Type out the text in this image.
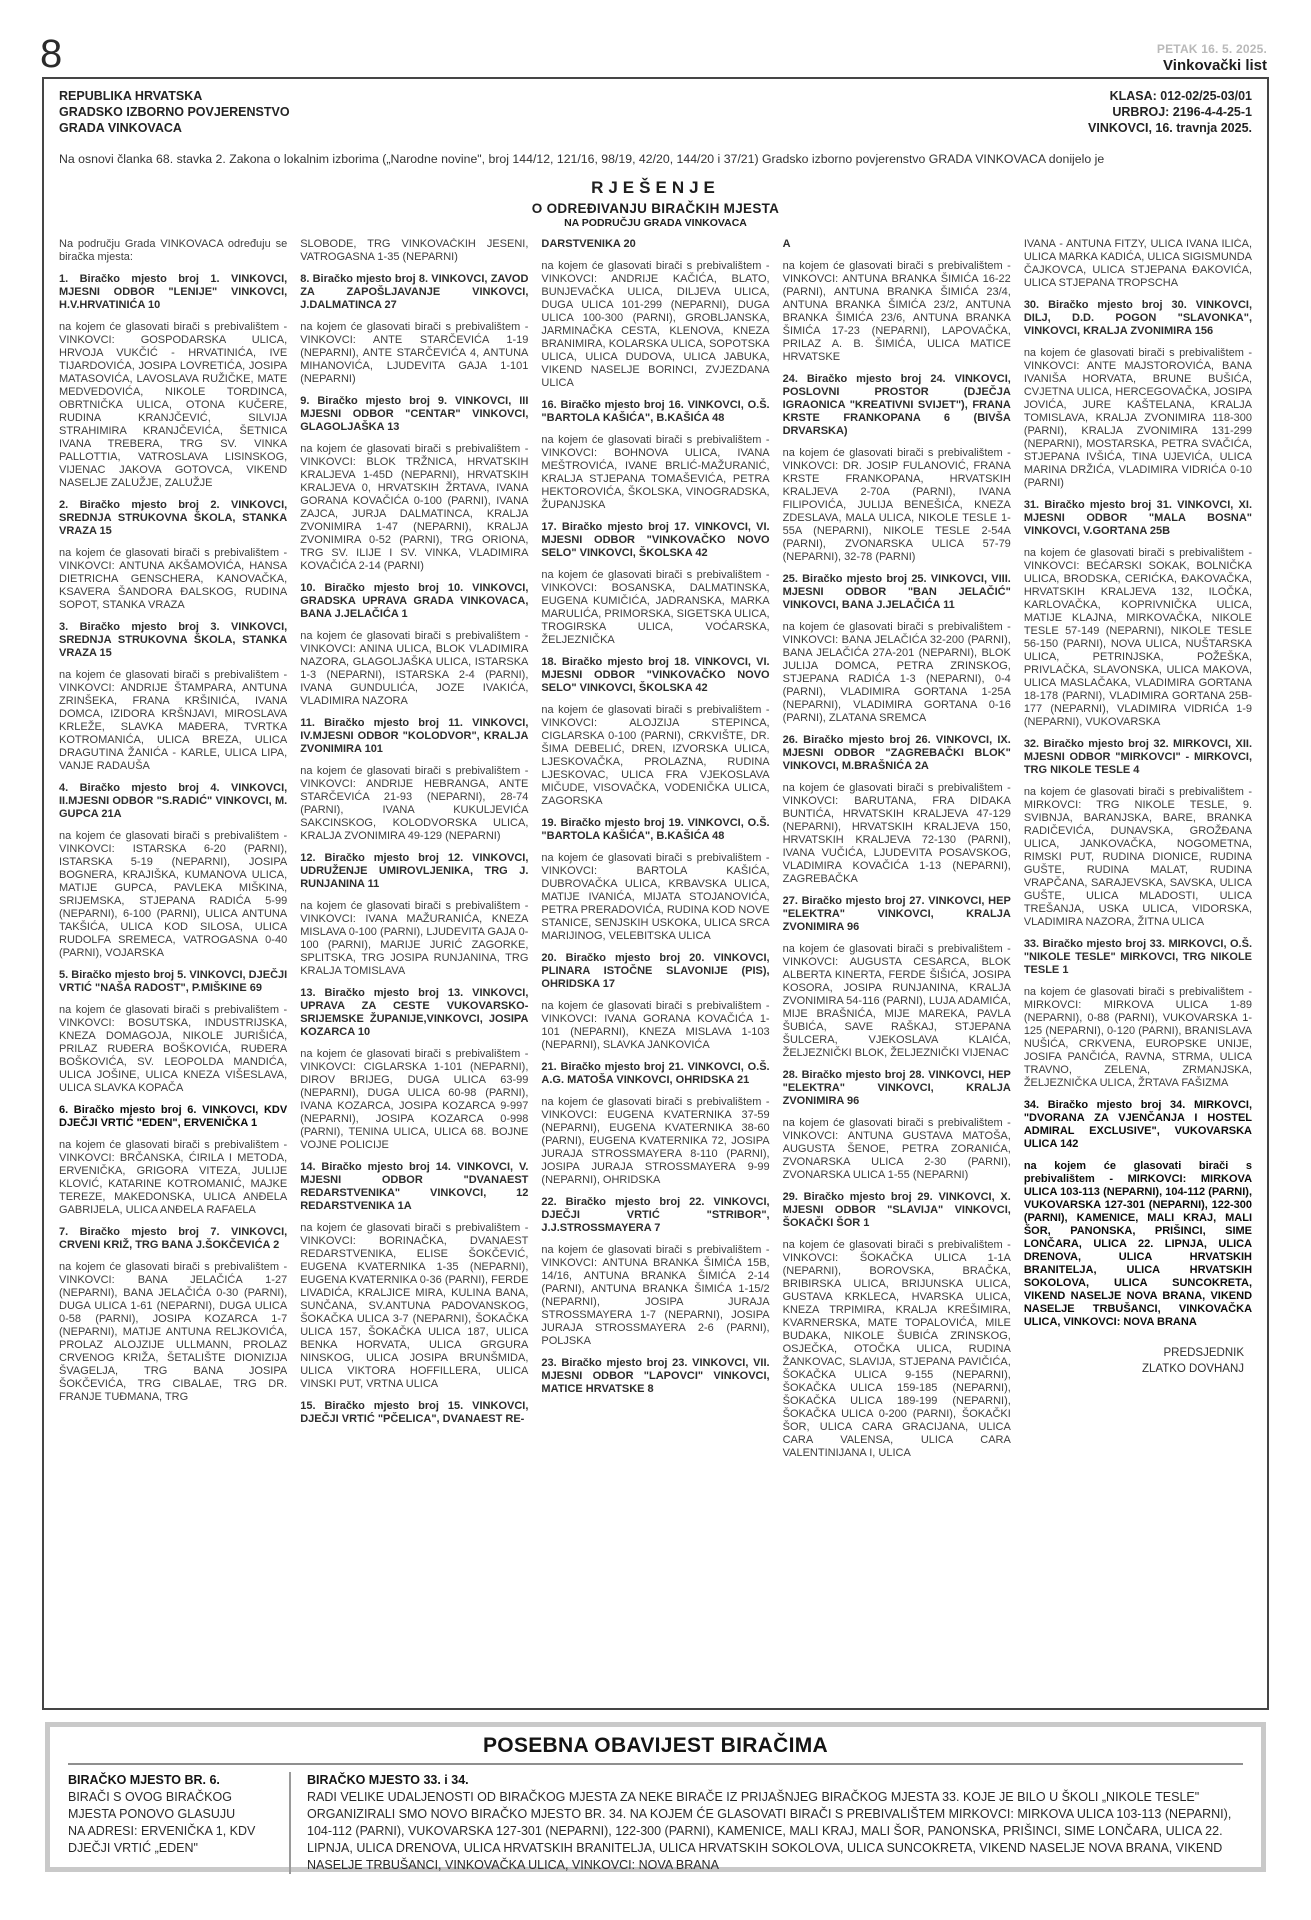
8	PETAK 16. 5. 2025.
Vinkovački list
REPUBLIKA HRVATSKA
GRADSKO IZBORNO POVJERENSTVO
GRADA VINKOVACA
KLASA: 012-02/25-03/01
URBROJ: 2196-4-4-25-1
VINKOVCI, 16. travnja 2025.
Na osnovi članka 68. stavka 2. Zakona o lokalnim izborima („Narodne novine", broj 144/12, 121/16, 98/19, 42/20, 144/20 i 37/21) Gradsko izborno povjerenstvo GRADA VINKOVACA donijelo je
RJEŠENJE
O ODREĐIVANJU BIRAČKIH MJESTA
NA PODRUČJU GRADA VINKOVACA

Na području Grada VINKOVACA određuju se biračka mjesta:

1. Biračko mjesto broj 1. VINKOVCI, MJESNI ODBOR "LENIJE" VINKOVCI, H.V.HRVATINIĆA 10

na kojem će glasovati birači s prebivalištem - VINKOVCI: GOSPODARSKA ULICA, HRVOJA VUKČIĆ - HRVATINIĆA, IVE TIJARDOVIĆA, JOSIPA LOVRETIĆA, JOSIPA MATASOVIĆA, LAVOSLAVA RUŽIČKE, MATE MEDVEDOVIĆA, NIKOLE TORDINCA, OBRTNIČKA ULICA, OTONA KUČERE, RUDINA KRANJČEVIĆ, SILVIJA STRAHIMIRA KRANJČEVIĆA, ŠETNICA IVANA TREBERA, TRG SV. VINKA PALLOTTIA, VATROSLAVA LISINSKOG, VIJENAC JAKOVA GOTOVCA, VIKEND NASELJE ZALUŽJE, ZALUŽJE

2. Biračko mjesto broj 2. VINKOVCI, SREDNJA STRUKOVNA ŠKOLA, STANKA VRAZA 15

na kojem će glasovati birači s prebivalištem - VINKOVCI: ANTUNA AKŠAMOVIĆA, HANSA DIETRICHA GENSCHERA, KANOVAČKA, KSAVERA ŠANDORA ĐALSKOG, RUDINA SOPOT, STANKA VRAZA

3. Biračko mjesto broj 3. VINKOVCI, SREDNJA STRUKOVNA ŠKOLA, STANKA VRAZA 15

na kojem će glasovati birači s prebivalištem - VINKOVCI: ANDRIJE ŠTAMPARA, ANTUNA ZRINŠEKA, FRANA KRŠINIĆA, IVANA DOMCA, IZIDORA KRŠNJAVI, MIROSLAVA KRLEŽE, SLAVKA MAĐERA, TVRTKA KOTROMANIĆA, ULICA BREZA, ULICA DRAGUTINA ŽANIĆA - KARLE, ULICA LIPA, VANJE RADAUŠA

4. Biračko mjesto broj 4. VINKOVCI, II.MJESNI ODBOR "S.RADIĆ" VINKOVCI, M. GUPCA 21A

na kojem će glasovati birači s prebivalištem - VINKOVCI: ISTARSKA 6-20 (PARNI), ISTARSKA 5-19 (NEPARNI), JOSIPA BOGNERA, KRAJIŠKA, KUMANOVA ULICA, MATIJE GUPCA, PAVLEKA MIŠKINA, SRIJEMSKA, STJEPANA RADIĆA 5-99 (NEPARNI), 6-100 (PARNI), ULICA ANTUNA TAKŠIĆA, ULICA KOD SILOSA, ULICA RUDOLFA SREMECA, VATROGASNA 0-40 (PARNI), VOJARSKA

5. Biračko mjesto broj 5. VINKOVCI, DJEČJI VRTIĆ "NAŠA RADOST", P.MIŠKINE 69

na kojem će glasovati birači s prebivalištem - VINKOVCI: BOSUTSKA, INDUSTRIJSKA, KNEZA DOMAGOJA, NIKOLE JURIŠIĆA, PRILAZ RUĐERA BOŠKOVIĆA, RUĐERA BOŠKOVIĆA, SV. LEOPOLDA MANDIĆA, ULICA JOŠINE, ULICA KNEZA VIŠESLAVA, ULICA SLAVKA KOPAČA

6. Biračko mjesto broj 6. VINKOVCI, KDV DJEČJI VRTIĆ "EDEN", ERVENIČKA 1

na kojem će glasovati birači s prebivalištem - VINKOVCI: BRČANSKA, ĆIRILA I METODA, ERVENIČKA, GRIGORA VITEZA, JULIJE KLOVIĆ, KATARINE KOTROMANIĆ, MAJKE TEREZE, MAKEDONSKA, ULICA ANĐELA GABRIJELA, ULICA ANĐELA RAFAELA

7. Biračko mjesto broj 7. VINKOVCI, CRVENI KRIŽ, TRG BANA J.ŠOKČEVIĆA 2

na kojem će glasovati birači s prebivalištem - VINKOVCI: BANA JELAČIĆA 1-27 (NEPARNI), BANA JELAČIĆA 0-30 (PARNI), DUGA ULICA 1-61 (NEPARNI), DUGA ULICA 0-58 (PARNI), JOSIPA KOZARCA 1-7 (NEPARNI), MATIJE ANTUNA RELJKOVIĆA, PROLAZ ALOJZIJE ULLMANN, PROLAZ CRVENOG KRIŽA, ŠETALIŠTE DIONIZIJA ŠVAGELJA, TRG BANA JOSIPA ŠOKČEVIĆA, TRG CIBALAE, TRG DR. FRANJE TUĐMANA, TRG

SLOBODE, TRG VINKOVAČKIH JESENI, VATROGASNA 1-35 (NEPARNI)

8. Biračko mjesto broj 8. VINKOVCI, ZAVOD ZA ZAPOŠLJAVANJE VINKOVCI, J.DALMATINCA 27

na kojem će glasovati birači s prebivalištem - VINKOVCI: ANTE STARČEVIĆA 1-19 (NEPARNI), ANTE STARČEVIĆA 4, ANTUNA MIHANOVIĆA, LJUDEVITA GAJA 1-101 (NEPARNI)

9. Biračko mjesto broj 9. VINKOVCI, III MJESNI ODBOR "CENTAR" VINKOVCI, GLAGOLJAŠKA 13

na kojem će glasovati birači s prebivalištem - VINKOVCI: BLOK TRŽNICA, HRVATSKIH KRALJEVA 1-45D (NEPARNI), HRVATSKIH KRALJEVA 0, HRVATSKIH ŽRTAVA, IVANA GORANA KOVAČIĆA 0-100 (PARNI), IVANA ZAJCA, JURJA DALMATINCA, KRALJA ZVONIMIRA 1-47 (NEPARNI), KRALJA ZVONIMIRA 0-52 (PARNI), TRG ORIONA, TRG SV. ILIJE I SV. VINKA, VLADIMIRA KOVAČIĆA 2-14 (PARNI)

10. Biračko mjesto broj 10. VINKOVCI, GRADSKA UPRAVA GRADA VINKOVACA, BANA J.JELAČIĆA 1

na kojem će glasovati birači s prebivalištem - VINKOVCI: ANINA ULICA, BLOK VLADIMIRA NAZORA, GLAGOLJAŠKA ULICA, ISTARSKA 1-3 (NEPARNI), ISTARSKA 2-4 (PARNI), IVANA GUNDULIĆA, JOZE IVAKIĆA, VLADIMIRA NAZORA

11. Biračko mjesto broj 11. VINKOVCI, IV.MJESNI ODBOR "KOLODVOR", KRALJA ZVONIMIRA 101

na kojem će glasovati birači s prebivalištem - VINKOVCI: ANDRIJE HEBRANGA, ANTE STARČEVIĆA 21-93 (NEPARNI), 28-74 (PARNI), IVANA KUKULJEVIĆA SAKCINSKOG, KOLODVORSKA ULICA, KRALJA ZVONIMIRA 49-129 (NEPARNI)

12. Biračko mjesto broj 12. VINKOVCI, UDRUŽENJE UMIROVLJENIKA, TRG J. RUNJANINA 11

na kojem će glasovati birači s prebivalištem - VINKOVCI: IVANA MAŽURANIĆA, KNEZA MISLAVA 0-100 (PARNI), LJUDEVITA GAJA 0-100 (PARNI), MARIJE JURIĆ ZAGORKE, SPLITSKA, TRG JOSIPA RUNJANINA, TRG KRALJA TOMISLAVA

13. Biračko mjesto broj 13. VINKOVCI, UPRAVA ZA CESTE VUKOVARSKO-SRIJEMSKE ŽUPANIJE,VINKOVCI, JOSIPA KOZARCA 10

na kojem će glasovati birači s prebivalištem - VINKOVCI: CIGLARSKA 1-101 (NEPARNI), DIROV BRIJEG, DUGA ULICA 63-99 (NEPARNI), DUGA ULICA 60-98 (PARNI), IVANA KOZARCA, JOSIPA KOZARCA 9-997 (NEPARNI), JOSIPA KOZARCA 0-998 (PARNI), TENINA ULICA, ULICA 68. BOJNE VOJNE POLICIJE

14. Biračko mjesto broj 14. VINKOVCI, V. MJESNI ODBOR "DVANAEST REDARSTVENIKA" VINKOVCI, 12 REDARSTVENIKA 1A

na kojem će glasovati birači s prebivalištem - VINKOVCI: BORINAČKA, DVANAEST REDARSTVENIKA, ELISE ŠOKČEVIĆ, EUGENA KVATERNIKA 1-35 (NEPARNI), EUGENA KVATERNIKA 0-36 (PARNI), FERDE LIVADIĆA, KRALJICE MIRA, KULINA BANA, SUNČANA, SV.ANTUNA PADOVANSKOG, ŠOKAČKA ULICA 3-7 (NEPARNI), ŠOKAČKA ULICA 157, ŠOKAČKA ULICA 187, ULICA BENKA HORVATA, ULICA GRGURA NINSKOG, ULICA JOSIPA BRUNŠMIDA, ULICA VIKTORA HOFFILLERA, ULICA VINSKI PUT, VRTNA ULICA

15. Biračko mjesto broj 15. VINKOVCI, DJEČJI VRTIĆ "PČELICA", DVANAEST RE-

DARSTVENIKA 20

na kojem će glasovati birači s prebivalištem - VINKOVCI: ANDRIJE KAČIĆA, BLATO, BUNJEVAČKA ULICA, DILJEVA ULICA, DUGA ULICA 101-299 (NEPARNI), DUGA ULICA 100-300 (PARNI), GROBLJANSKA, JARMINAČKA CESTA, KLENOVA, KNEZA BRANIMIRA, KOLARSKA ULICA, SOPOTSKA ULICA, ULICA DUDOVA, ULICA JABUKA, VIKEND NASELJE BORINCI, ZVJEZDANA ULICA

16. Biračko mjesto broj 16. VINKOVCI, O.Š. "BARTOLA KAŠIĆA", B.KAŠIĆA 48

na kojem će glasovati birači s prebivalištem - VINKOVCI: BOHNOVA ULICA, IVANA MEŠTROVIĆA, IVANE BRLIĆ-MAŽURANIĆ, KRALJA STJEPANA TOMAŠEVIĆA, PETRA HEKTOROVIĆA, ŠKOLSKA, VINOGRADSKA, ŽUPANJSKA

17. Biračko mjesto broj 17. VINKOVCI, VI. MJESNI ODBOR "VINKOVAČKO NOVO SELO" VINKOVCI, ŠKOLSKA 42

na kojem će glasovati birači s prebivalištem - VINKOVCI: BOSANSKA, DALMATINSKA, EUGENA KUMIČIĆA, JADRANSKA, MARKA MARULIĆA, PRIMORSKA, SIGETSKA ULICA, TROGIRSKA ULICA, VOĆARSKA, ŽELJEZNIČKA

18. Biračko mjesto broj 18. VINKOVCI, VI. MJESNI ODBOR "VINKOVAČKO NOVO SELO" VINKOVCI, ŠKOLSKA 42

na kojem će glasovati birači s prebivalištem - VINKOVCI: ALOJZIJA STEPINCA, CIGLARSKA 0-100 (PARNI), CRKVIŠTE, DR. ŠIMA DEBELIĆ, DREN, IZVORSKA ULICA, LJESKOVAČKA, PROLAZNA, RUDINA LJESKOVAC, ULICA FRA VJEKOSLAVA MIČUDE, VISOVAČKA, VODENIČKA ULICA, ZAGORSKA

19. Biračko mjesto broj 19. VINKOVCI, O.Š. "BARTOLA KAŠIĆA", B.KAŠIĆA 48

na kojem će glasovati birači s prebivalištem - VINKOVCI: BARTOLA KAŠIĆA, DUBROVAČKA ULICA, KRBAVSKA ULICA, MATIJE IVANIĆA, MIJATA STOJANOVIĆA, PETRA PRERADOVIĆA, RUDINA KOD NOVE STANICE, SENJSKIH USKOKA, ULICA SRCA MARIJINOG, VELEBITSKA ULICA

20. Biračko mjesto broj 20. VINKOVCI, PLINARA ISTOČNE SLAVONIJE (PIS), OHRIDSKA 17

na kojem će glasovati birači s prebivalištem - VINKOVCI: IVANA GORANA KOVAČIĆA 1-101 (NEPARNI), KNEZA MISLAVA 1-103 (NEPARNI), SLAVKA JANKOVIĆA

21. Biračko mjesto broj 21. VINKOVCI, O.Š. A.G. MATOŠA VINKOVCI, OHRIDSKA 21

na kojem će glasovati birači s prebivalištem - VINKOVCI: EUGENA KVATERNIKA 37-59 (NEPARNI), EUGENA KVATERNIKA 38-60 (PARNI), EUGENA KVATERNIKA 72, JOSIPA JURAJA STROSSMAYERA 8-110 (PARNI), JOSIPA JURAJA STROSSMAYERA 9-99 (NEPARNI), OHRIDSKA

22. Biračko mjesto broj 22. VINKOVCI, DJEČJI VRTIĆ "STRIBOR", J.J.STROSSMAYERA 7

na kojem će glasovati birači s prebivalištem - VINKOVCI: ANTUNA BRANKA ŠIMIĆA 15B, 14/16, ANTUNA BRANKA ŠIMIĆA 2-14 (PARNI), ANTUNA BRANKA ŠIMIĆA 1-15/2 (NEPARNI), JOSIPA JURAJA STROSSMAYERA 1-7 (NEPARNI), JOSIPA JURAJA STROSSMAYERA 2-6 (PARNI), POLJSKA

23. Biračko mjesto broj 23. VINKOVCI, VII. MJESNI ODBOR "LAPOVCI" VINKOVCI, MATICE HRVATSKE 8

A

na kojem će glasovati birači s prebivalištem - VINKOVCI: ANTUNA BRANKA ŠIMIĆA 16-22 (PARNI), ANTUNA BRANKA ŠIMIĆA 23/4, ANTUNA BRANKA ŠIMIĆA 23/2, ANTUNA BRANKA ŠIMIĆA 23/6, ANTUNA BRANKA ŠIMIĆA 17-23 (NEPARNI), LAPOVAČKA, PRILAZ A. B. ŠIMIĆA, ULICA MATICE HRVATSKE

24. Biračko mjesto broj 24. VINKOVCI, POSLOVNI PROSTOR (DJEČJA IGRAONICA "KREATIVNI SVIJET"), FRANA KRSTE FRANKOPANA 6 (BIVŠA DRVARSKA)

na kojem će glasovati birači s prebivalištem - VINKOVCI: DR. JOSIP FULANOVIĆ, FRANA KRSTE FRANKOPANA, HRVATSKIH KRALJEVA 2-70A (PARNI), IVANA FILIPOVIĆA, JULIJA BENEŠIĆA, KNEZA ZDESLAVA, MALA ULICA, NIKOLE TESLE 1-55A (NEPARNI), NIKOLE TESLE 2-54A (PARNI), ZVONARSKA ULICA 57-79 (NEPARNI), 32-78 (PARNI)

25. Biračko mjesto broj 25. VINKOVCI, VIII. MJESNI ODBOR "BAN JELAČIĆ" VINKOVCI, BANA J.JELAČIĆA 11

na kojem će glasovati birači s prebivalištem - VINKOVCI: BANA JELAČIĆA 32-200 (PARNI), BANA JELAČIĆA 27A-201 (NEPARNI), BLOK JULIJA DOMCA, PETRA ZRINSKOG, STJEPANA RADIĆA 1-3 (NEPARNI), 0-4 (PARNI), VLADIMIRA GORTANA 1-25A (NEPARNI), VLADIMIRA GORTANA 0-16 (PARNI), ZLATANA SREMCA

26. Biračko mjesto broj 26. VINKOVCI, IX. MJESNI ODBOR "ZAGREBAČKI BLOK" VINKOVCI, M.BRAŠNIĆA 2A

na kojem će glasovati birači s prebivalištem - VINKOVCI: BARUTANA, FRA DIDAKA BUNTIĆA, HRVATSKIH KRALJEVA 47-129 (NEPARNI), HRVATSKIH KRALJEVA 150, HRVATSKIH KRALJEVA 72-130 (PARNI), IVANA VUČIĆA, LJUDEVITA POSAVSKOG, VLADIMIRA KOVAČIĆA 1-13 (NEPARNI), ZAGREBAČKA

27. Biračko mjesto broj 27. VINKOVCI, HEP "ELEKTRA" VINKOVCI, KRALJA ZVONIMIRA 96

na kojem će glasovati birači s prebivalištem - VINKOVCI: AUGUSTA CESARCA, BLOK ALBERTA KINERTA, FERDE ŠIŠIĆA, JOSIPA KOSORA, JOSIPA RUNJANINA, KRALJA ZVONIMIRA 54-116 (PARNI), LUJA ADAMIĆA, MIJE BRAŠNIĆA, MIJE MAREKA, PAVLA ŠUBIĆA, SAVE RAŠKAJ, STJEPANA ŠULCERA, VJEKOSLAVA KLAIĆA, ŽELJEZNIČKI BLOK, ŽELJEZNIČKI VIJENAC

28. Biračko mjesto broj 28. VINKOVCI, HEP "ELEKTRA" VINKOVCI, KRALJA ZVONIMIRA 96

na kojem će glasovati birači s prebivalištem - VINKOVCI: ANTUNA GUSTAVA MATOŠA, AUGUSTA ŠENOE, PETRA ZORANIĆA, ZVONARSKA ULICA 2-30 (PARNI), ZVONARSKA ULICA 1-55 (NEPARNI)

29. Biračko mjesto broj 29. VINKOVCI, X. MJESNI ODBOR "SLAVIJA" VINKOVCI, ŠOKAČKI ŠOR 1

na kojem će glasovati birači s prebivalištem - VINKOVCI: ŠOKAČKA ULICA 1-1A (NEPARNI), BOROVSKA, BRAČKA, BRIBIRSKA ULICA, BRIJUNSKA ULICA, GUSTAVA KRKLECA, HVARSKA ULICA, KNEZA TRPIMIRA, KRALJA KREŠIMIRA, KVARNERSKA, MATE TOPALOVIĆA, MILE BUDAKA, NIKOLE ŠUBIĆA ZRINSKOG, OSJEČKA, OTOČKA ULICA, RUDINA ŽANKOVAC, SLAVIJA, STJEPANA PAVIČIĆA, ŠOKAČKA ULICA 9-155 (NEPARNI), ŠOKAČKA ULICA 159-185 (NEPARNI), ŠOKAČKA ULICA 189-199 (NEPARNI), ŠOKAČKA ULICA 0-200 (PARNI), ŠOKAČKI ŠOR, ULICA CARA GRACIJANA, ULICA CARA VALENSA, ULICA CARA VALENTINIJANA I, ULICA

IVANA - ANTUNA FITZY, ULICA IVANA ILIĆA, ULICA MARKA KADIĆA, ULICA SIGISMUNDA ČAJKOVCA, ULICA STJEPANA ĐAKOVIĆA, ULICA STJEPANA TROPSCHA

30. Biračko mjesto broj 30. VINKOVCI, DILJ, D.D. POGON "SLAVONKA", VINKOVCI, KRALJA ZVONIMIRA 156

na kojem će glasovati birači s prebivalištem - VINKOVCI: ANTE MAJSTOROVIĆA, BANA IVANIŠA HORVATA, BRUNE BUŠIĆA, CVJETNA ULICA, HERCEGOVAČKA, JOSIPA JOVIĆA, JURE KAŠTELANA, KRALJA TOMISLAVA, KRALJA ZVONIMIRA 118-300 (PARNI), KRALJA ZVONIMIRA 131-299 (NEPARNI), MOSTARSKA, PETRA SVAČIĆA, STJEPANA IVŠIĆA, TINA UJEVIĆA, ULICA MARINA DRŽIĆA, VLADIMIRA VIDRIĆA 0-10 (PARNI)

31. Biračko mjesto broj 31. VINKOVCI, XI. MJESNI ODBOR "MALA BOSNA" VINKOVCI, V.GORTANA 25B

na kojem će glasovati birači s prebivalištem - VINKOVCI: BEĆARSKI SOKAK, BOLNIČKA ULICA, BRODSKA, CERIĆKA, ĐAKOVAČKA, HRVATSKIH KRALJEVA 132, ILOČKA, KARLOVAČKA, KOPRIVNIČKA ULICA, MATIJE KLAJNA, MIRKOVAČKA, NIKOLE TESLE 57-149 (NEPARNI), NIKOLE TESLE 56-150 (PARNI), NOVA ULICA, NUŠTARSKA ULICA, PETRINJSKA, POŽEŠKA, PRIVLAČKA, SLAVONSKA, ULICA MAKOVA, ULICA MASLAČAKA, VLADIMIRA GORTANA 18-178 (PARNI), VLADIMIRA GORTANA 25B-177 (NEPARNI), VLADIMIRA VIDRIĆA 1-9 (NEPARNI), VUKOVARSKA

32. Biračko mjesto broj 32. MIRKOVCI, XII. MJESNI ODBOR "MIRKOVCI" - MIRKOVCI, TRG NIKOLE TESLE 4

na kojem će glasovati birači s prebivalištem - MIRKOVCI: TRG NIKOLE TESLE, 9. SVIBNJA, BARANJSKA, BARE, BRANKA RADIČEVIĆA, DUNAVSKA, GROŽĐANA ULICA, JANKOVAČKA, NOGOMETNA, RIMSKI PUT, RUDINA DIONICE, RUDINA GUŠTE, RUDINA MALAT, RUDINA VRAPČANA, SARAJEVSKA, SAVSKA, ULICA GUŠTE, ULICA MLADOSTI, ULICA TREŠANJA, USKA ULICA, VIDORSKA, VLADIMIRA NAZORA, ŽITNA ULICA

33. Biračko mjesto broj 33. MIRKOVCI, O.Š. "NIKOLE TESLE" MIRKOVCI, TRG NIKOLE TESLE 1

na kojem će glasovati birači s prebivalištem - MIRKOVCI: MIRKOVA ULICA 1-89 (NEPARNI), 0-88 (PARNI), VUKOVARSKA 1-125 (NEPARNI), 0-120 (PARNI), BRANISLAVA NUŠIĆA, CRKVENA, EUROPSKE UNIJE, JOSIFA PANČIĆA, RAVNA, STRMA, ULICA TRAVNO, ZELENA, ZRMANJSKA, ŽELJEZNIČKA ULICA, ŽRTAVA FAŠIZMA

34. Biračko mjesto broj 34. MIRKOVCI, "DVORANA ZA VJENČANJA I HOSTEL ADMIRAL EXCLUSIVE", VUKOVARSKA ULICA 142

na kojem će glasovati birači s prebivalištem - MIRKOVCI: MIRKOVA ULICA 103-113 (NEPARNI), 104-112 (PARNI), VUKOVARSKA 127-301 (NEPARNI), 122-300 (PARNI), KAMENICE, MALI KRAJ, MALI ŠOR, PANONSKA, PRIŠINCI, SIME LONČARA, ULICA 22. LIPNJA, ULICA DRENOVA, ULICA HRVATSKIH BRANITELJA, ULICA HRVATSKIH SOKOLOVA, ULICA SUNCOKRETA, VIKEND NASELJE NOVA BRANA, VIKEND NASELJE TRBUŠANCI, VINKOVAČKA ULICA, VINKOVCI: NOVA BRANA

PREDSJEDNIK
ZLATKO DOVHANJ
POSEBNA OBAVIJEST BIRAČIMA
BIRAČKO MJESTO BR. 6.
BIRAČI S OVOG BIRAČKOG
MJESTA PONOVO GLASUJU
NA ADRESI: ERVENIČKA 1, KDV
DJEČJI VRTIĆ „EDEN"
BIRAČKO MJESTO 33. i 34.
RADI VELIKE UDALJENOSTI OD BIRAČKOG MJESTA ZA NEKE BIRAČE IZ PRIJAŠNJEG BIRAČKOG MJESTA 33. KOJE JE BILO U ŠKOLI „NIKOLE TESLE" ORGANIZIRALI SMO NOVO BIRAČKO MJESTO BR. 34. NA KOJEM ĆE GLASOVATI BIRAČI S PREBIVALIŠTEM MIRKOVCI: MIRKOVA ULICA 103-113 (NEPARNI), 104-112 (PARNI), VUKOVARSKA 127-301 (NEPARNI), 122-300 (PARNI), KAMENICE, MALI KRAJ, MALI ŠOR, PANONSKA, PRIŠINCI, SIME LONČARA, ULICA 22. LIPNJA, ULICA DRENOVA, ULICA HRVATSKIH BRANITELJA, ULICA HRVATSKIH SOKOLOVA, ULICA SUNCOKRETA, VIKEND NASELJE NOVA BRANA, VIKEND NASELJE TRBUŠANCI, VINKOVAČKA ULICA, VINKOVCI: NOVA BRANA
